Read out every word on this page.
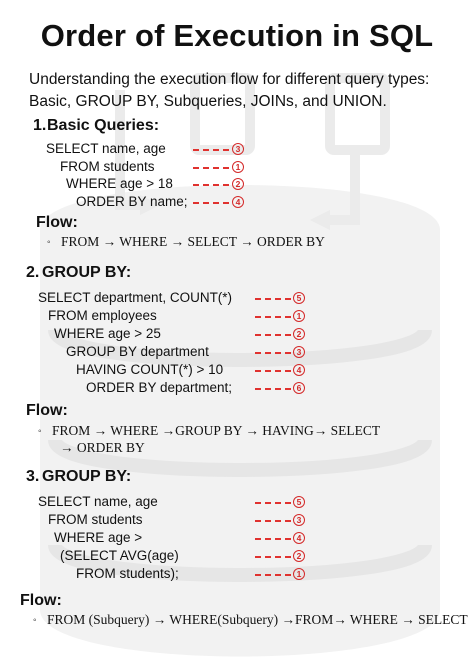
Order of Execution in SQL
Understanding the execution flow for different query types:
Basic, GROUP BY, Subqueries, JOINs, and UNION.
1. Basic Queries:
SELECT name, age	3
FROM students	1
WHERE age > 18	2
ORDER BY name;	4
Flow:
◦ FROM → WHERE → SELECT → ORDER BY
2. GROUP BY:
SELECT department, COUNT(*)	5
FROM employees	1
WHERE age > 25	2
GROUP BY department	3
HAVING COUNT(*) > 10	4
ORDER BY department;	6
Flow:
◦ FROM → WHERE →GROUP BY → HAVING→ SELECT
→ ORDER BY
3. GROUP BY:
SELECT name, age	5
FROM students	3
WHERE age >	4
(SELECT AVG(age)	2
FROM students);	1
Flow:
◦ FROM (Subquery) → WHERE(Subquery) →FROM→ WHERE → SELECT
